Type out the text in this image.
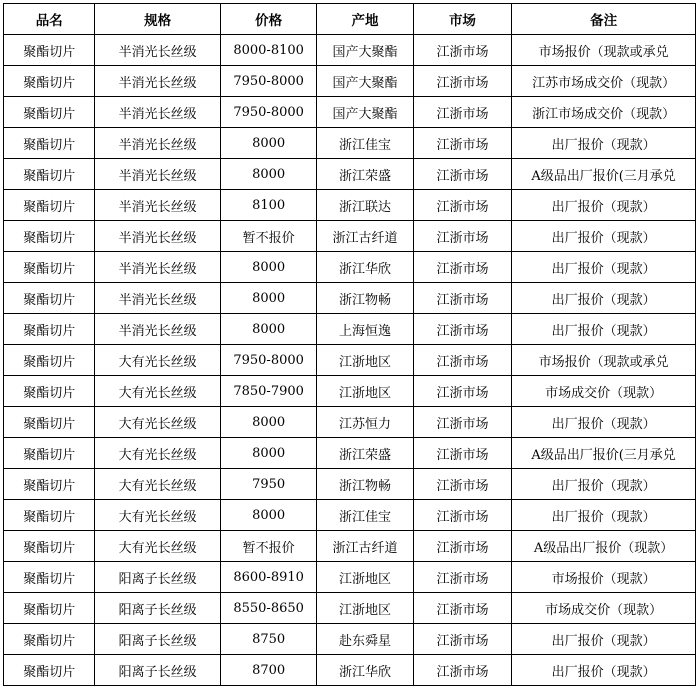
品名	规格	价格	产地	市场	备注
聚酯切片	半消光长丝级	8000-8100	国产大聚酯	江浙市场	市场报价（现款或承兑
聚酯切片	半消光长丝级	7950-8000	国产大聚酯	江浙市场	江苏市场成交价（现款）
聚酯切片	半消光长丝级	7950-8000	国产大聚酯	江浙市场	浙江市场成交价（现款）
聚酯切片	半消光长丝级	8000	浙江佳宝	江浙市场	出厂报价（现款）
聚酯切片	半消光长丝级	8000	浙江荣盛	江浙市场	A级品出厂报价(三月承兑
聚酯切片	半消光长丝级	8100	浙江联达	江浙市场	出厂报价（现款）
聚酯切片	半消光长丝级	暂不报价	浙江古纤道	江浙市场	出厂报价（现款）
聚酯切片	半消光长丝级	8000	浙江华欣	江浙市场	出厂报价（现款）
聚酯切片	半消光长丝级	8000	浙江物畅	江浙市场	出厂报价（现款）
聚酯切片	半消光长丝级	8000	上海恒逸	江浙市场	出厂报价（现款）
聚酯切片	大有光长丝级	7950-8000	江浙地区	江浙市场	市场报价（现款或承兑
聚酯切片	大有光长丝级	7850-7900	江浙地区	江浙市场	市场成交价（现款）
聚酯切片	大有光长丝级	8000	江苏恒力	江浙市场	出厂报价（现款）
聚酯切片	大有光长丝级	8000	浙江荣盛	江浙市场	A级品出厂报价(三月承兑
聚酯切片	大有光长丝级	7950	浙江物畅	江浙市场	出厂报价（现款）
聚酯切片	大有光长丝级	8000	浙江佳宝	江浙市场	出厂报价（现款）
聚酯切片	大有光长丝级	暂不报价	浙江古纤道	江浙市场	A级品出厂报价（现款）
聚酯切片	阳离子长丝级	8600-8910	江浙地区	江浙市场	市场报价（现款）
聚酯切片	阳离子长丝级	8550-8650	江浙地区	江浙市场	市场成交价（现款）
聚酯切片	阳离子长丝级	8750	赴东舜星	江浙市场	出厂报价（现款）
聚酯切片	阳离子长丝级	8700	浙江华欣	江浙市场	出厂报价（现款）
